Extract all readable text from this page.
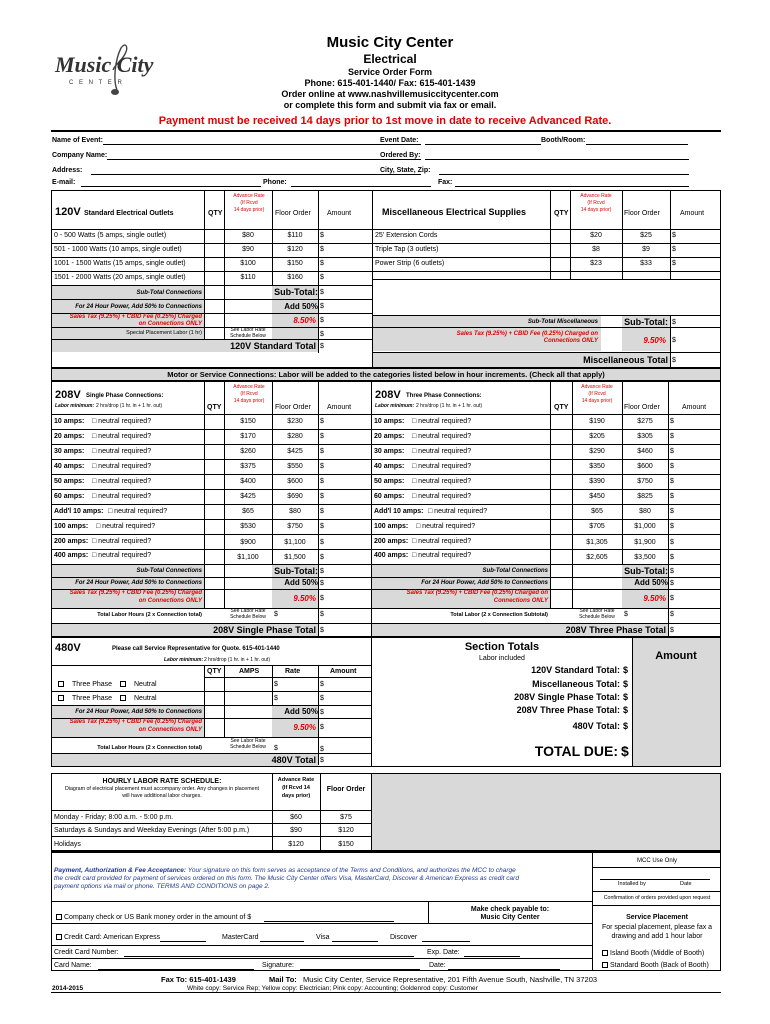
Music City
C E N T E R
Music City Center
Electrical
Service Order Form
Phone: 615-401-1440/ Fax: 615-401-1439
Order online at www.nashvillemusiccitycenter.com
or complete this form and submit via fax or email.
Payment must be received 14 days prior to 1st move in date to receive Advanced Rate.
Name of Event:	Event Date:	Booth/Room:
Company Name:	Ordered By:
Address:	City, State, Zip:
E-mail:	Phone:	Fax:
120V Standard Electrical Outlets	QTY
Advance Rate
(If Rcvd
14 days prior)	Floor Order Amount	Miscellaneous Electrical Supplies	QTY
Advance Rate
(If Rcvd
14 days prior)	Floor Order	Amount
0 - 500 Watts (5 amps, single outlet)	$80	$110	$
501 - 1000 Watts (10 amps, single outlet)	$90	$120	$
1001 - 1500 Watts (15 amps, single outlet)	$100	$150	$
1501 - 2000 Watts (20 amps, single outlet)	$110	$160	$
Sub-Total Connections	Sub-Total: $
For 24 Hour Power, Add 50% to Connections	Add 50% $
Sales Tax (9.25%) + CBID Fee (0.25%) Charged
on Connections ONLY	8.50% $
Special Placement Labor (1 hr)	See Labor Rate
Schedule Below	$
120V Standard Total $
25' Extension Cords	$20	$25	$
Triple Tap (3 outlets)	$8	$9	$
Power Strip (6 outlets)	$23	$33	$
Sub-Total Miscellaneous	Sub-Total: $
Sales Tax (9.25%) + CBID Fee (0.25%) Charged on
Connections ONLY	9.50% $
Miscellaneous Total $
Motor or Service Connections: Labor will be added to the categories listed below in hour increments. (Check all that apply)
208V Single Phase Connections:
Labor minimum: 2 hrs/drop (1 hr. in + 1 hr. out)	QTY
Advance Rate
(If Rcvd
14 days prior)
Floor Order Amount
10 amps: □ neutral required?	$150	$230	$
20 amps: □ neutral required?	$170	$280	$
30 amps: □ neutral required?	$260	$425	$
40 amps: □ neutral required?	$375	$550	$
50 amps: □ neutral required?	$400	$600	$
60 amps: □ neutral required?	$425	$690	$
Add'l 10 amps: □ neutral required?	$65	$80	$
100 amps: □ neutral required?	$530	$750	$
200 amps: □ neutral required?	$900	$1,100	$
400 amps: □ neutral required?	$1,100	$1,500	$
Sub-Total Connections	Sub-Total: $
For 24 Hour Power, Add 50% to Connections	Add 50% $
Sales Tax (9.25%) + CBID Fee (0.25%) Charged
on Connections ONLY	9.50% $
Total Labor Hours (2 x Connection total)
See Labor Rate
Schedule Below	$	$
208V Single Phase Total $
208V Three Phase Connections:
Labor minimum: 2 hrs/drop (1 hr. in + 1 hr. out)	QTY
Advance Rate
(If Rcvd
14 days prior)
Floor Order	Amount
10 amps: □ neutral required?	$190	$275	$
20 amps: □ neutral required?	$205	$305	$
30 amps: □ neutral required?	$290	$460	$
40 amps: □ neutral required?	$350	$600	$
50 amps: □ neutral required?	$390	$750	$
60 amps: □ neutral required?	$450	$825	$
Add'l 10 amps: □ neutral required?	$65	$80	$
100 amps: □ neutral required?	$705	$1,000	$
200 amps: □ neutral required?	$1,305	$1,900	$
400 amps: □ neutral required?	$2,605	$3,500	$
Sub-Total Connections	Sub-Total: $
For 24 Hour Power, Add 50% to Connections	Add 50% $
Sales Tax (9.25%) + CBID Fee (0.25%) Charged on
Connections ONLY	9.50% $
Total Labor (2 x Connection Subtotal)
See Labor Rate
Schedule Below	$	$
208V Three Phase Total $
480V	Please call Service Representative for Quote. 615-401-1440
Labor minimum: 2 hrs/drop (1 hr. in + 1 hr. out)
QTY	AMPS	Rate	Amount
Three Phase	Neutral	$	$
Three Phase	Neutral	$	$
For 24 Hour Power, Add 50% to Connections	Add 50% $
Sales Tax (9.25%) + CBID Fee (0.25%) Charged
on Connections ONLY	9.50% $
Total Labor Hours (2 x Connection total)
See Labor Rate
Schedule Below	$	$
480V Total $
Section Totals
Labor included	Amount
120V Standard Total: $
Miscellaneous Total: $
208V Single Phase Total: $
208V Three Phase Total: $
480V Total: $
TOTAL DUE: $
HOURLY LABOR RATE SCHEDULE:
Diagram of electrical placement must accompany order. Any changes in placement
will have additional labor charges.
Advance Rate
(If Rcvd 14
days prior)
Floor Order
Monday - Friday; 8:00 a.m. - 5:00 p.m.	$60	$75
Saturdays & Sundays and Weekday Evenings (After 5:00 p.m.)	$90	$120
Holidays	$120	$150
MCC Use Only
Installed by	Date
Confirmation of orders provided upon request
Service Placement
For special placement, please fax a
drawing and add 1 hour labor
Island Booth (Middle of Booth)
Standard Booth (Back of Booth)
Payment, Authorization & Fee Acceptance: Your signature on this form serves as acceptance of the Terms and Conditions, and authorizes the MCC to charge
the credit card provided for payment of services ordered on this form. The Music City Center offers Visa, MasterCard, Discover & American Express as credit card
payment options via mail or phone. TERMS AND CONDITIONS on page 2.
Make check payable to:
Music City Center
Company check or US Bank money order in the amount of $
Credit Card: American Express	MasterCard	Visa	Discover
Credit Card Number:	Exp. Date:
Card Name:	Signature:	Date:
Fax To: 615-401-1439	Mail To: Music City Center, Service Representative, 201 Fifth Avenue South, Nashville, TN 37203
2014-2015	White copy: Service Rep; Yellow copy: Electrician; Pink copy: Accounting; Goldenrod copy: Customer
